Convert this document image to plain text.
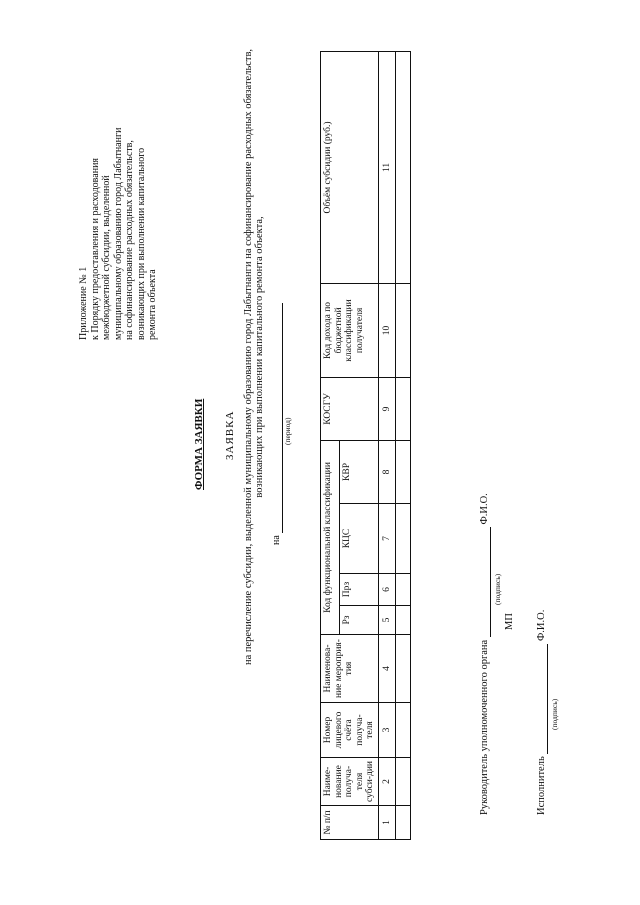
Приложение № 1 к Порядку предоставления и расходования межбюджетной субсидии, выделенной муниципальному образованию город Лабытнанги на софинансирование расходных обязательств, возникающих при выполнении капитального ремонта объекта
ФОРМА ЗАЯВКИ ЗАЯВКА на перечисление субсидии, выделенной муниципальному образованию город Лабытнанги на софинансирование расходных обязательств, возникающих при выполнении капитального ремонта объекта,
на
(период)
№ п/п	Наиме-нование получа-теля субси-дии	Номер лицевого счёта получа-теля	Наименова-ние мероприя-тия	Код функциональной классификации				КОСГУ	Код дохода по бюджетной классификации получателя	Объём субсидии (руб.)
				Рз	Прз	КЦС	КВР			
1	2	3	4	5	6	7	8	9	10	11

Руководитель уполномоченного органа  Ф.И.О.
(подпись)
МП
Исполнитель  Ф.И.О.
(подпись)
